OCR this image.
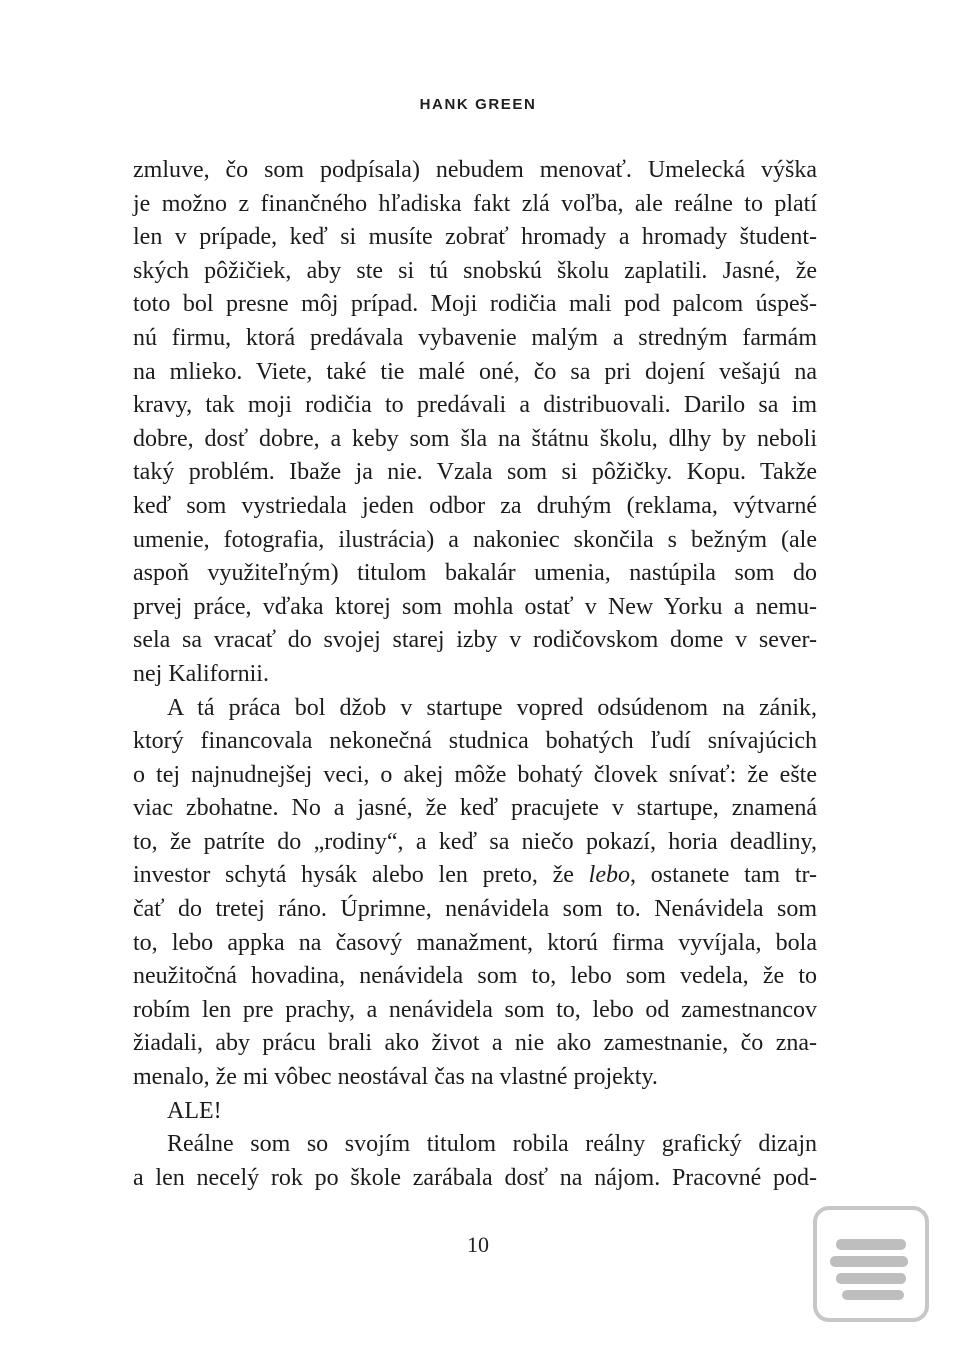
HANK GREEN
zmluve, čo som podpísala) nebudem menovať. Umelecká výška
je možno z finančného hľadiska fakt zlá voľba, ale reálne to platí
len v prípade, keď si musíte zobrať hromady a hromady študent-
ských pôžičiek, aby ste si tú snobskú školu zaplatili. Jasné, že
toto bol presne môj prípad. Moji rodičia mali pod palcom úspeš-
nú firmu, ktorá predávala vybavenie malým a stredným farmám
na mlieko. Viete, také tie malé oné, čo sa pri dojení vešajú na
kravy, tak moji rodičia to predávali a distribuovali. Darilo sa im
dobre, dosť dobre, a keby som šla na štátnu školu, dlhy by neboli
taký problém. Ibaže ja nie. Vzala som si pôžičky. Kopu. Takže
keď som vystriedala jeden odbor za druhým (reklama, výtvarné
umenie, fotografia, ilustrácia) a nakoniec skončila s bežným (ale
aspoň využiteľným) titulom bakalár umenia, nastúpila som do
prvej práce, vďaka ktorej som mohla ostať v New Yorku a nemu-
sela sa vracať do svojej starej izby v rodičovskom dome v sever-
nej Kalifornii.
A tá práca bol džob v startupe vopred odsúdenom na zánik,
ktorý financovala nekonečná studnica bohatých ľudí snívajúcich
o tej najnudnejšej veci, o akej môže bohatý človek snívať: že ešte
viac zbohatne. No a jasné, že keď pracujete v startupe, znamená
to, že patríte do „rodiny“, a keď sa niečo pokazí, horia deadliny,
investor schytá hysák alebo len preto, že lebo, ostanete tam tr-
čať do tretej ráno. Úprimne, nenávidela som to. Nenávidela som
to, lebo appka na časový manažment, ktorú firma vyvíjala, bola
neužitočná hovadina, nenávidela som to, lebo som vedela, že to
robím len pre prachy, a nenávidela som to, lebo od zamestnancov
žiadali, aby prácu brali ako život a nie ako zamestnanie, čo zna-
menalo, že mi vôbec neostával čas na vlastné projekty.
ALE!
Reálne som so svojím titulom robila reálny grafický dizajn
a len necelý rok po škole zarábala dosť na nájom. Pracovné pod-
10
